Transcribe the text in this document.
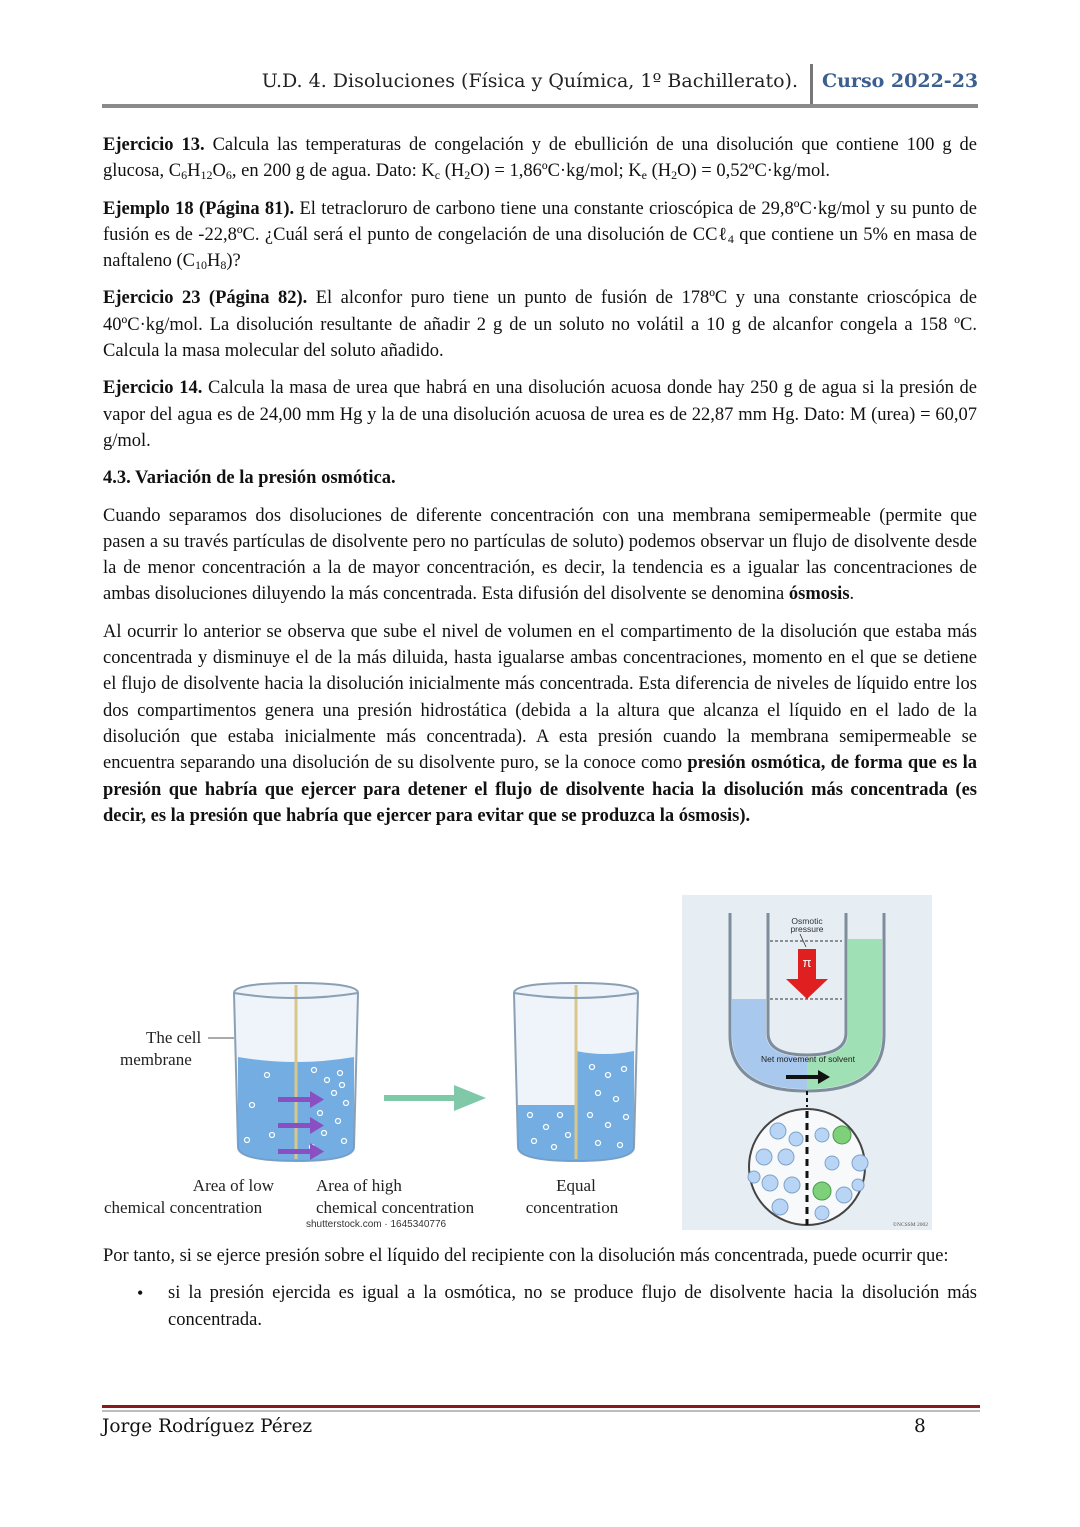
U.D. 4. Disoluciones (Física y Química, 1º Bachillerato). Curso 2022-23

Ejercicio 13. Calcula las temperaturas de congelación y de ebullición de una disolución que contiene 100 g de glucosa, $C_6H_{12}O_6$, en 200 g de agua. Dato: $K_c$ $(H_2O)$ = 1,86ºC·kg/mol; $K_e$ $(H_2O)$ = 0,52ºC·kg/mol.

Ejemplo 18 (Página 81). El tetracloruro de carbono tiene una constante crioscópica de 29,8ºC·kg/mol y su punto de fusión es de -22,8ºC. ¿Cuál será el punto de congelación de una disolución de CCℓ$_4$ que contiene un 5% en masa de naftaleno $(C_{10}H_8)$?

Ejercicio 23 (Página 82). El alconfor puro tiene un punto de fusión de 178ºC y una constante crioscópica de 40ºC·kg/mol. La disolución resultante de añadir 2 g de un soluto no volátil a 10 g de alcanfor congela a 158 ºC. Calcula la masa molecular del soluto añadido.

Ejercicio 14. Calcula la masa de urea que habrá en una disolución acuosa donde hay 250 g de agua si la presión de vapor del agua es de 24,00 mm Hg y la de una disolución acuosa de urea es de 22,87 mm Hg. Dato: M (urea) = 60,07 g/mol.

4.3. Variación de la presión osmótica.

Cuando separamos dos disoluciones de diferente concentración con una membrana semipermeable (permite que pasen a su través partículas de disolvente pero no partículas de soluto) podemos observar un flujo de disolvente desde la de menor concentración a la de mayor concentración, es decir, la tendencia es a igualar las concentraciones de ambas disoluciones diluyendo la más concentrada. Esta difusión del disolvente se denomina ósmosis.

Al ocurrir lo anterior se observa que sube el nivel de volumen en el compartimento de la disolución que estaba más concentrada y disminuye el de la más diluida, hasta igualarse ambas concentraciones, momento en el que se detiene el flujo de disolvente hacia la disolución inicialmente más concentrada. Esta diferencia de niveles de líquido entre los dos compartimentos genera una presión hidrostática (debida a la altura que alcanza el líquido en el lado de la disolución que estaba inicialmente más concentrada). A esta presión cuando la membrana semipermeable se encuentra separando una disolución de su disolvente puro, se la conoce como presión osmótica, de forma que es la presión que habría que ejercer para detener el flujo de disolvente hacia la disolución más concentrada (es decir, es la presión que habría que ejercer para evitar que se produzca la ósmosis).

The cell
membrane
Area of low
chemical concentration
Area of high
chemical concentration
shutterstock.com · 1645340776
Equal
concentration
π
Osmotic
pressure
Net movement of solvent
©NCSSM 2002

Por tanto, si se ejerce presión sobre el líquido del recipiente con la disolución más concentrada, puede ocurrir que:

• si la presión ejercida es igual a la osmótica, no se produce flujo de disolvente hacia la disolución más concentrada.
Jorge Rodríguez Pérez	8
